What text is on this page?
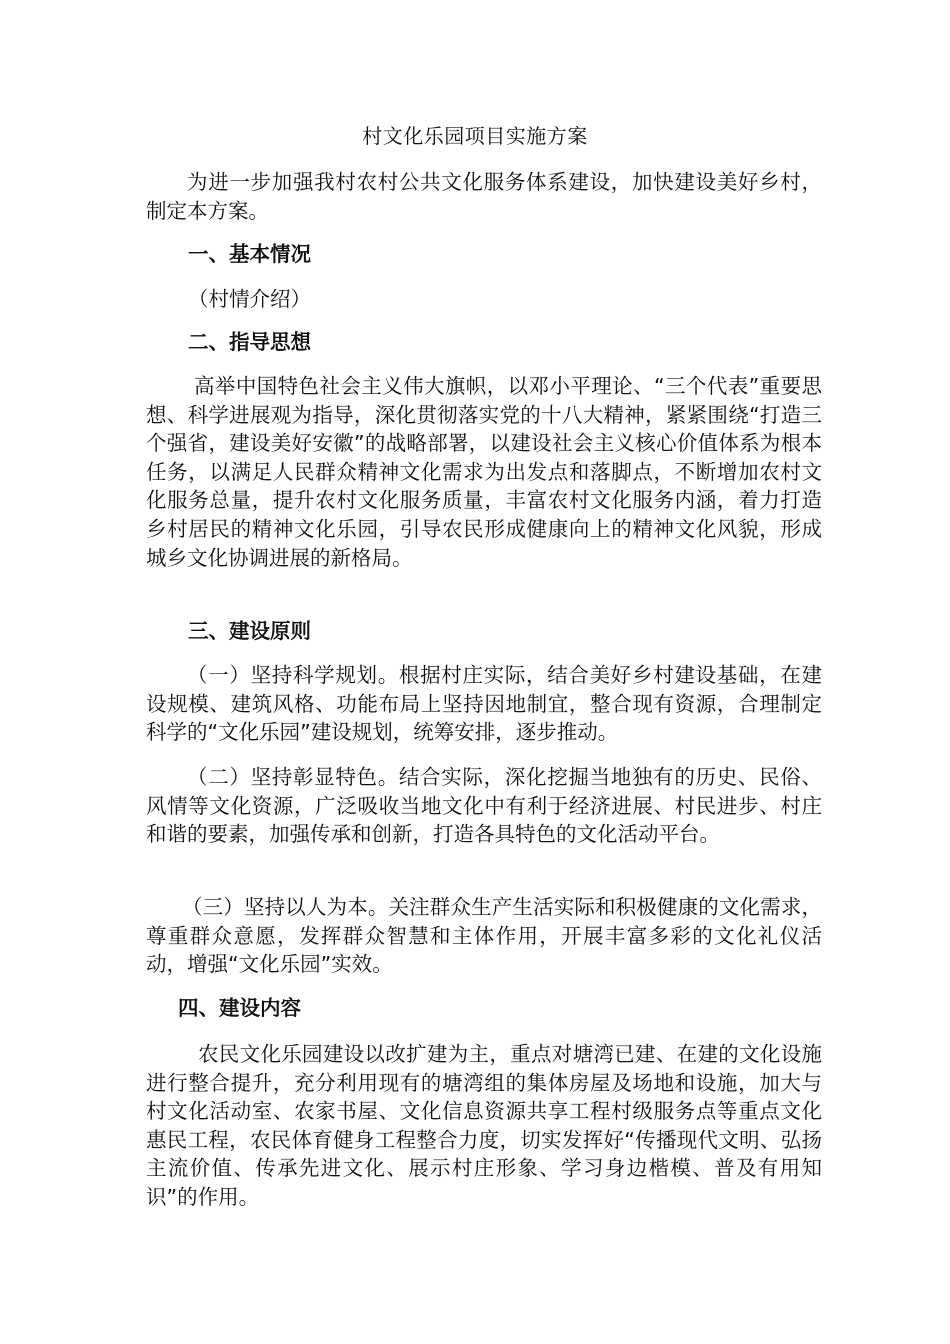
村文化乐园项目实施方案

为进一步加强我村农村公共文化服务体系建设，加快建设美好乡村，制定本方案。

一、基本情况

（村情介绍）

二、指导思想

高举中国特色社会主义伟大旗帜，以邓小平理论、“三个代表”重要思想、科学进展观为指导，深化贯彻落实党的十八大精神，紧紧围绕“打造三个强省，建设美好安徽”的战略部署，以建设社会主义核心价值体系为根本任务，以满足人民群众精神文化需求为出发点和落脚点，不断增加农村文化服务总量，提升农村文化服务质量，丰富农村文化服务内涵，着力打造乡村居民的精神文化乐园，引导农民形成健康向上的精神文化风貌，形成城乡文化协调进展的新格局。

三、建设原则

（一）坚持科学规划。根据村庄实际，结合美好乡村建设基础，在建设规模、建筑风格、功能布局上坚持因地制宜，整合现有资源，合理制定科学的“文化乐园”建设规划，统筹安排，逐步推动。

（二）坚持彰显特色。结合实际，深化挖掘当地独有的历史、民俗、风情等文化资源，广泛吸收当地文化中有利于经济进展、村民进步、村庄和谐的要素，加强传承和创新，打造各具特色的文化活动平台。

（三）坚持以人为本。关注群众生产生活实际和积极健康的文化需求，尊重群众意愿，发挥群众智慧和主体作用，开展丰富多彩的文化礼仪活动，增强“文化乐园”实效。

四、建设内容

农民文化乐园建设以改扩建为主，重点对塘湾已建、在建的文化设施进行整合提升，充分利用现有的塘湾组的集体房屋及场地和设施，加大与村文化活动室、农家书屋、文化信息资源共享工程村级服务点等重点文化惠民工程，农民体育健身工程整合力度，切实发挥好“传播现代文明、弘扬主流价值、传承先进文化、展示村庄形象、学习身边楷模、普及有用知识”的作用。
